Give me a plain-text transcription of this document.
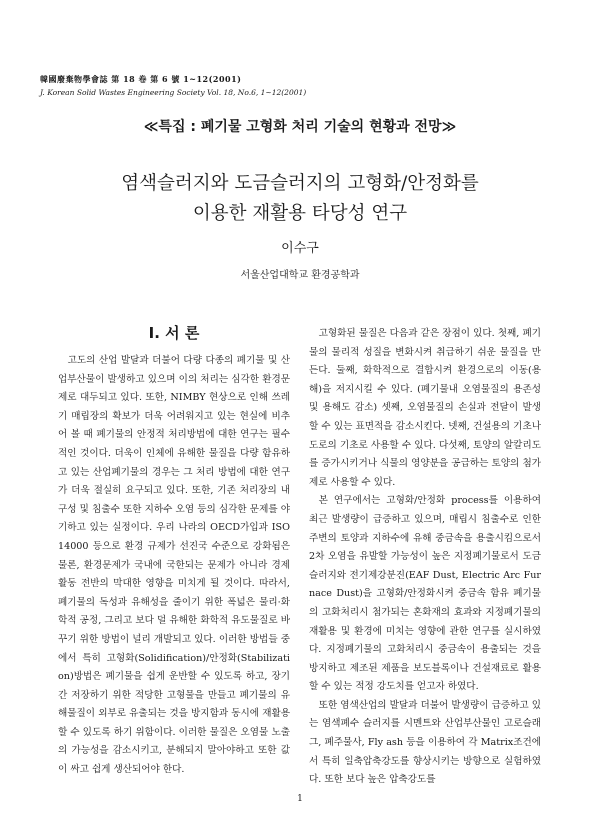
韓國廢棄物學會誌 第 18 卷 第 6 號 1~12(2001)
J. Korean Solid Wastes Engineering Society Vol. 18, No.6, 1~12(2001)
≪특집 : 폐기물 고형화 처리 기술의 현황과 전망≫
염색슬러지와 도금슬러지의 고형화/안정화를
이용한 재활용 타당성 연구
이수구
서울산업대학교 환경공학과
Ⅰ. 서 론

고도의 산업 발달과 더불어 다량 다종의 폐기물 및 산업부산물이 발생하고 있으며 이의 처리는 심각한 환경문제로 대두되고 있다. 또한, NIMBY 현상으로 인해 쓰레기 매립장의 확보가 더욱 어려워지고 있는 현실에 비추어 볼 때 폐기물의 안정적 처리방법에 대한 연구는 필수적인 것이다. 더욱이 인체에 유해한 물질을 다량 함유하고 있는 산업폐기물의 경우는 그 처리 방법에 대한 연구가 더욱 절실히 요구되고 있다. 또한, 기존 처리장의 내구성 및 침출수 또한 지하수 오염 등의 심각한 문제를 야기하고 있는 실정이다. 우리 나라의 OECD가입과 ISO 14000 등으로 환경 규제가 선진국 수준으로 강화됨은 물론, 환경문제가 국내에 국한되는 문제가 아니라 경제활동 전반의 막대한 영향을 미치게 될 것이다. 따라서, 폐기물의 독성과 유해성을 줄이기 위한 폭넓은 물리·화학적 공정, 그리고 보다 덜 유해한 화학적 유도물질로 바꾸기 위한 방법이 널리 개발되고 있다. 이러한 방법들 중에서 특히 고형화(Solidification)/안정화(Stabilization)방법은 폐기물을 쉽게 운반할 수 있도록 하고, 장기간 저장하기 위한 적당한 고형물을 만들고 폐기물의 유해물질이 외부로 유출되는 것을 방지함과 동시에 재활용할 수 있도록 하기 위함이다. 이러한 물질은 오염물 노출의 가능성을 감소시키고, 분해되지 말아야하고 또한 값이 싸고 쉽게 생산되어야 한다.

고형화된 물질은 다음과 같은 장점이 있다. 첫째, 폐기물의 물리적 성질을 변화시켜 취급하기 쉬운 물질을 만든다. 둘째, 화학적으로 결합시켜 환경으로의 이동(용해)을 저지시킬 수 있다. (폐기물내 오염물질의 용존성 및 용해도 감소) 셋째, 오염물질의 손실과 전달이 발생할 수 있는 표면적을 감소시킨다. 넷째, 건설용의 기초나 도로의 기초로 사용할 수 있다. 다섯째, 토양의 알칼리도를 증가시키거나 식물의 영양분을 공급하는 토양의 첨가제로 사용할 수 있다.

본 연구에서는 고형화/안정화 process를 이용하여 최근 발생량이 급증하고 있으며, 매립시 침출수로 인한 주변의 토양과 지하수에 유해 중금속을 용출시킴으로서 2차 오염을 유발할 가능성이 높은 지정폐기물로서 도금슬러지와 전기제강분진(EAF Dust, Electric Arc Furnace Dust)을 고형화/안정화시켜 중금속 함유 폐기물의 고화처리시 첨가되는 혼화재의 효과와 지정폐기물의 재활용 및 환경에 미치는 영향에 관한 연구를 실시하였다. 지정폐기물의 고화처리시 중금속이 용출되는 것을 방지하고 제조된 제품을 보도블록이나 건설재료로 활용할 수 있는 적정 강도치를 얻고자 하였다.

또한 염색산업의 발달과 더불어 발생량이 급증하고 있는 염색폐수 슬러지를 시멘트와 산업부산물인 고로슬래그, 폐주물사, Fly ash 등을 이용하여 각 Matrix조건에서 특히 일축압축강도를 향상시키는 방향으로 실험하였다. 또한 보다 높은 압축강도를

1
